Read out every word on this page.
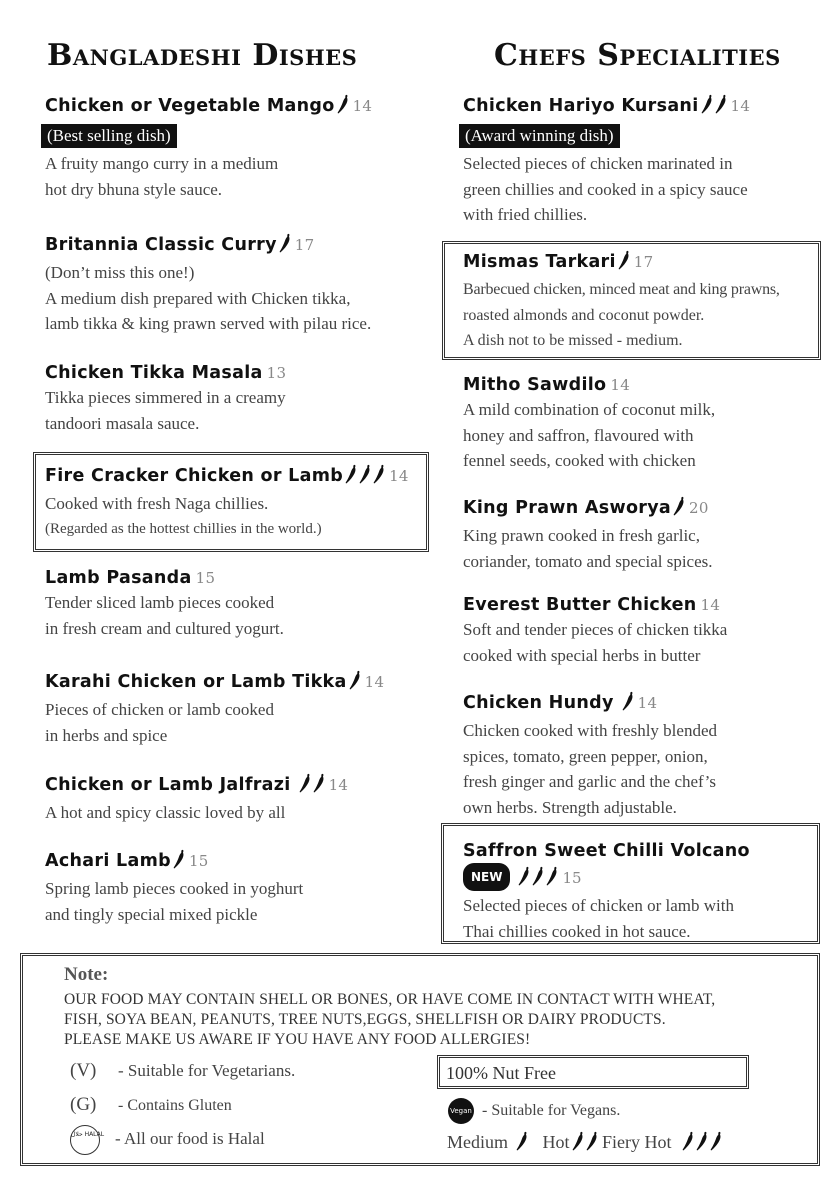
Bangladeshi Dishes	Chefs Specialities
Chicken or Vegetable Mango 14
(Best selling dish)
A fruity mango curry in a medium
hot dry bhuna style sauce.
Britannia Classic Curry 17
(Don’t miss this one!)
A medium dish prepared with Chicken tikka,
lamb tikka & king prawn served with pilau rice.
Chicken Tikka Masala 13
Tikka pieces simmered in a creamy
tandoori masala sauce.
Fire Cracker Chicken or Lamb	14
Cooked with fresh Naga chillies.
(Regarded as the hottest chillies in the world.)
Lamb Pasanda 15
Tender sliced lamb pieces cooked
in fresh cream and cultured yogurt.
Karahi Chicken or Lamb Tikka 14
Pieces of chicken or lamb cooked
in herbs and spice
Chicken or Lamb Jalfrazi	14
A hot and spicy classic loved by all
Achari Lamb 15
Spring lamb pieces cooked in yoghurt
and tingly special mixed pickle
Chicken Hariyo Kursani 14
(Award winning dish)
Selected pieces of chicken marinated in
green chillies and cooked in a spicy sauce
with fried chillies.
Mismas Tarkari 17
Barbecued chicken, minced meat and king prawns,
roasted almonds and coconut powder.
A dish not to be missed - medium.
Mitho Sawdilo 14
A mild combination of coconut milk,
honey and saffron, flavoured with
fennel seeds, cooked with chicken
King Prawn Asworya 20
King prawn cooked in fresh garlic,
coriander, tomato and special spices.
Everest Butter Chicken 14
Soft and tender pieces of chicken tikka
cooked with special herbs in butter
Chicken Hundy 14
Chicken cooked with freshly blended
spices, tomato, green pepper, onion,
fresh ginger and garlic and the chef’s
own herbs. Strength adjustable.
Saffron Sweet Chilli Volcano
NEW	15
Selected pieces of chicken or lamb with
Thai chillies cooked in hot sauce.
Note:
OUR FOOD MAY CONTAIN SHELL OR BONES, OR HAVE COME IN CONTACT WITH WHEAT,
FISH, SOYA BEAN, PEANUTS, TREE NUTS,EGGS, SHELLFISH OR DAIRY PRODUCTS.
PLEASE MAKE US AWARE IF YOU HAVE ANY FOOD ALLERGIES!
(V) - Suitable for Vegetarians.
(G) - Contains Gluten
حلال HALAL - All our food is Halal
100% Nut Free
Vegan - Suitable for Vegans.
Medium Hot Fiery Hot
